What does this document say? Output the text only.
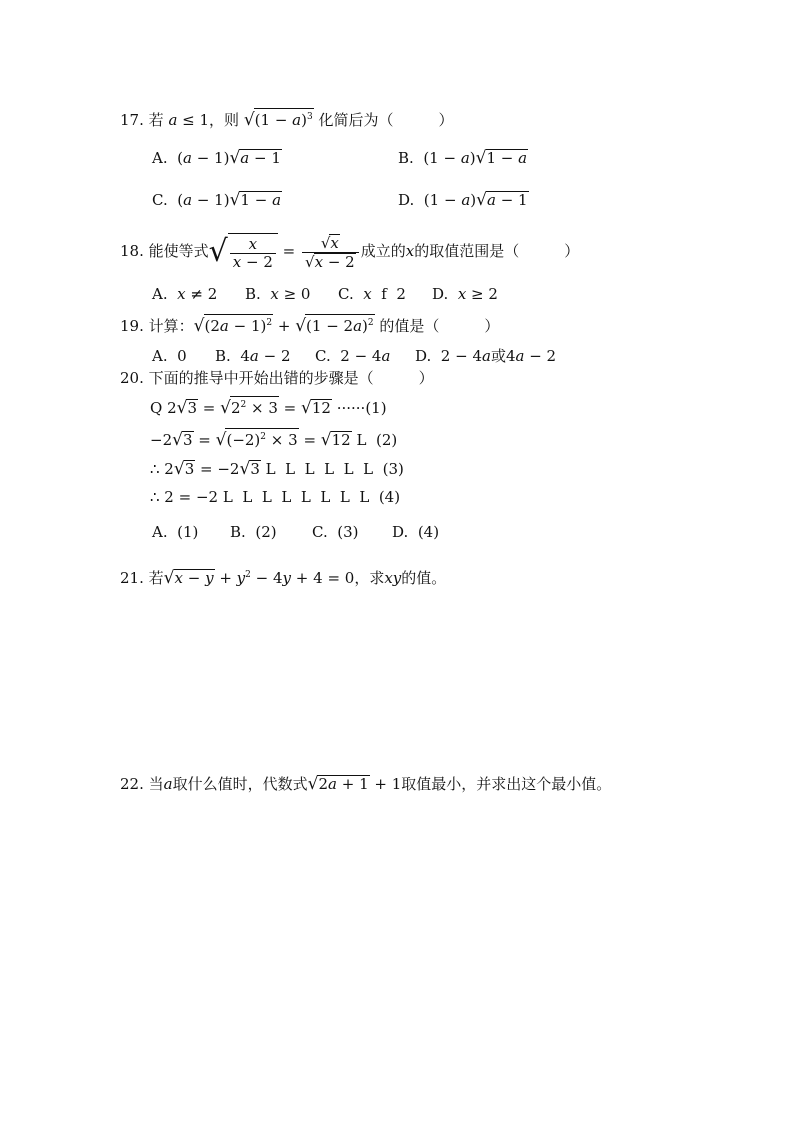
17. 若 a ≤ 1，则 $√(1 - a)^3$ 化简后为（　　　）
A.  (a − 1)√a − 1	B.  (1 − a)√1 − a
C.  (a − 1)√1 − a	D.  (1 − a)√a − 1
18. 能使等式√ $\frac{x}{x - 2} = \frac{√x}{√x - 2}$ 成立的x的取值范围是（　　　）
A. x ≠ 2 B. x ≥ 0 C. x  f  2 D. x ≥ 2
19. 计算：$√(2a - 1)^2 + √(1 - 2a)^2$ 的值是（　　　）
A.  0 B.  4a − 2 C.  2 − 4a D.  2 − 4a或4a − 2
20. 下面的推导中开始出错的步骤是（　　　）
Q $2√3 = √2^2 \times 3 = √12 \cdot\cdot\cdot\cdot\cdot\cdot(1)$
$-2√3 = √(-2)^2 \times 3 = √12$ L  (2)
∴ 2√3 = −2√3 L  L  L  L  L  L  (3)
∴ 2 = −2 L  L  L  L  L  L  L  L  (4)
A. (1) B. (2) C. (3) D. (4)
21. 若$√x - y + y^2 - 4y + 4 = 0$，求xy的值。
22. 当a取什么值时，代数式√2a + 1 + 1取值最小，并求出这个最小值。
